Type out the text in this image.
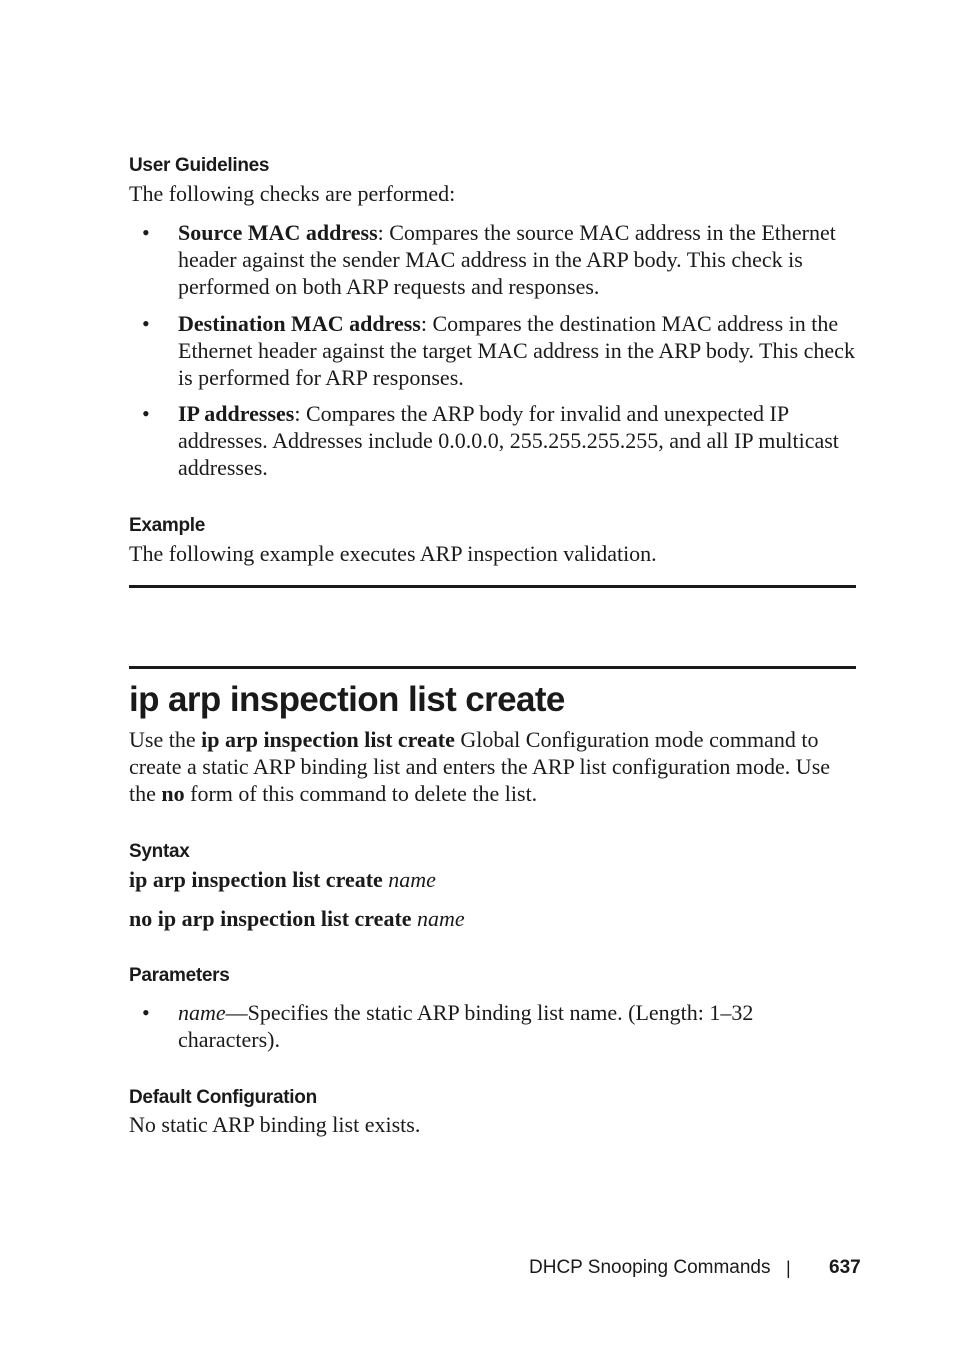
User Guidelines

The following checks are performed:

• Source MAC address: Compares the source MAC address in the Ethernet header against the sender MAC address in the ARP body. This check is performed on both ARP requests and responses.
• Destination MAC address: Compares the destination MAC address in the Ethernet header against the target MAC address in the ARP body. This check is performed for ARP responses.
• IP addresses: Compares the ARP body for invalid and unexpected IP addresses. Addresses include 0.0.0.0, 255.255.255.255, and all IP multicast addresses.
Example

The following example executes ARP inspection validation.

ip arp inspection list create

Use the ip arp inspection list create Global Configuration mode command to create a static ARP binding list and enters the ARP list configuration mode. Use the no form of this command to delete the list.

Syntax

ip arp inspection list create name

no ip arp inspection list create name

Parameters
• name—Specifies the static ARP binding list name. (Length: 1–32 characters).
Default Configuration

No static ARP binding list exists.

DHCP Snooping Commands | 637
